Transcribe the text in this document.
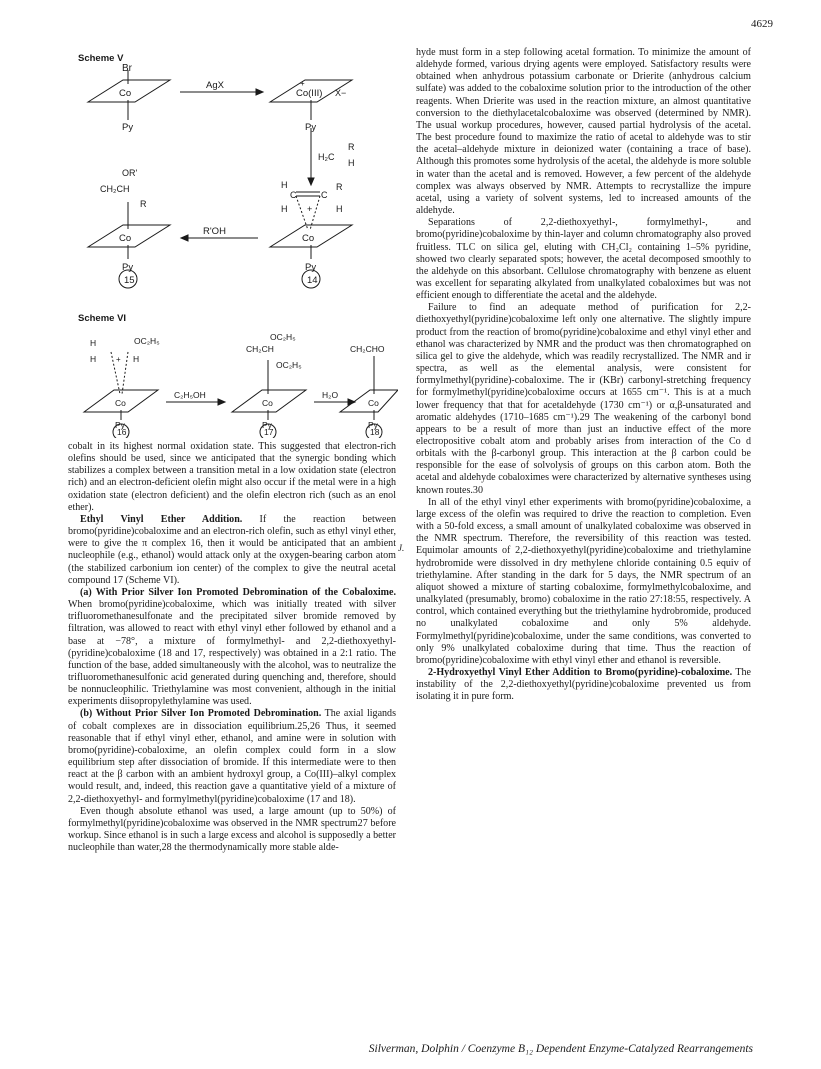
4629
Scheme V
Br
Co
Py
AgX
Co(III)
+
X−
Py
H₂C
R
H
OR'
CH₂CH
R
Co
Py
15
R'OH
H
C	C
R
H	H
+
Co
Py
14
Scheme VI
H	OC₂H₅
H	H
+
Co
Py
16
C₂H₅OH
OC₂H₅
CH₂CH
OC₂H₅
Co
Py
17
H₂O
CH₂CHO
Co
Py
18

cobalt in its highest normal oxidation state. This suggested that electron-rich olefins should be used, since we anticipated that the synergic bonding which stabilizes a complex between a transition metal in a low oxidation state (electron rich) and an electron-deficient olefin might also occur if the metal were in a high oxidation state (electron deficient) and the olefin electron rich (such as an enol ether).

Ethyl Vinyl Ether Addition. If the reaction between bromo(pyridine)cobaloxime and an electron-rich olefin, such as ethyl vinyl ether, were to give the π complex 16, then it would be anticipated that an ambient nucleophile (e.g., ethanol) would attack only at the oxygen-bearing carbon atom (the stabilized carbonium ion center) of the complex to give the neutral acetal compound 17 (Scheme VI).

(a) With Prior Silver Ion Promoted Debromination of the Cobaloxime. When bromo(pyridine)cobaloxime, which was initially treated with silver trifluoromethanesulfonate and the precipitated silver bromide removed by filtration, was allowed to react with ethyl vinyl ether followed by ethanol and a base at −78°, a mixture of formylmethyl- and 2,2-diethoxyethyl-(pyridine)cobaloxime (18 and 17, respectively) was obtained in a 2:1 ratio. The function of the base, added simultaneously with the alcohol, was to neutralize the trifluoromethanesulfonic acid generated during quenching and, therefore, should be nonnucleophilic. Triethylamine was most convenient, although in the initial experiments diisopropylethylamine was used.

(b) Without Prior Silver Ion Promoted Debromination. The axial ligands of cobalt complexes are in dissociation equilibrium.25,26 Thus, it seemed reasonable that if ethyl vinyl ether, ethanol, and amine were in solution with bromo(pyridine)-cobaloxime, an olefin complex could form in a slow equilibrium step after dissociation of bromide. If this intermediate were to then react at the β carbon with an ambient hydroxyl group, a Co(III)–alkyl complex would result, and, indeed, this reaction gave a quantitative yield of a mixture of 2,2-diethoxyethyl- and formylmethyl(pyridine)cobaloxime (17 and 18).

Even though absolute ethanol was used, a large amount (up to 50%) of formylmethyl(pyridine)cobaloxime was observed in the NMR spectrum27 before workup. Since ethanol is in such a large excess and alcohol is supposedly a better nucleophile than water,28 the thermodynamically more stable alde-

hyde must form in a step following acetal formation. To minimize the amount of aldehyde formed, various drying agents were employed. Satisfactory results were obtained when anhydrous potassium carbonate or Drierite (anhydrous calcium sulfate) was added to the cobaloxime solution prior to the introduction of the other reagents. When Drierite was used in the reaction mixture, an almost quantitative conversion to the diethylacetalcobaloxime was observed (determined by NMR). The usual workup procedures, however, caused partial hydrolysis of the acetal. The best procedure found to maximize the ratio of acetal to aldehyde was to stir the acetal–aldehyde mixture in deionized water (containing a trace of base). Although this promotes some hydrolysis of the acetal, the aldehyde is more soluble in water than the acetal and is removed. However, a few percent of the aldehyde complex was always observed by NMR. Attempts to recrystallize the impure acetal, using a variety of solvent systems, led to increased amounts of the aldehyde.

Separations of 2,2-diethoxyethyl-, formylmethyl-, and bromo(pyridine)cobaloxime by thin-layer and column chromatography also proved fruitless. TLC on silica gel, eluting with CH₂Cl₂ containing 1–5% pyridine, showed two clearly separated spots; however, the acetal decomposed smoothly to the aldehyde on this absorbant. Cellulose chromatography with benzene as eluent was excellent for separating alkylated from unalkylated cobaloximes but was not efficient enough to differentiate the acetal and the aldehyde.

Failure to find an adequate method of purification for 2,2-diethoxyethyl(pyridine)cobaloxime left only one alternative. The slightly impure product from the reaction of bromo(pyridine)cobaloxime and ethyl vinyl ether and ethanol was characterized by NMR and the product was then chromatographed on silica gel to give the aldehyde, which was readily recrystallized. The NMR and ir spectra, as well as the elemental analysis, were consistent for formylmethyl(pyridine)-cobaloxime. The ir (KBr) carbonyl-stretching frequency for formylmethyl(pyridine)cobaloxime occurs at 1655 cm⁻¹. This is at a much lower frequency that that for acetaldehyde (1730 cm⁻¹) or α,β-unsaturated and aromatic aldehydes (1710–1685 cm⁻¹).29 The weakening of the carbonyl bond appears to be a result of more than just an inductive effect of the more electropositive cobalt atom and probably arises from interaction of the Co d orbitals with the β-carbonyl group. This interaction at the β carbon could be responsible for the ease of solvolysis of groups on this carbon atom. Both the acetal and aldehyde cobaloximes were characterized by alternative syntheses using known routes.30

In all of the ethyl vinyl ether experiments with bromo(pyridine)cobaloxime, a large excess of the olefin was required to drive the reaction to completion. Even with a 50-fold excess, a small amount of unalkylated cobaloxime was observed in the NMR spectrum. Therefore, the reversibility of this reaction was tested. Equimolar amounts of 2,2-diethoxyethyl(pyridine)cobaloxime and triethylamine hydrobromide were dissolved in dry methylene chloride containing 0.5 equiv of triethylamine. After standing in the dark for 5 days, the NMR spectrum of an aliquot showed a mixture of starting cobaloxime, formylmethylcobaloxime, and unalkylated (presumably, bromo) cobaloxime in the ratio 27:18:55, respectively. A control, which contained everything but the triethylamine hydrobromide, produced no unalkylated cobaloxime and only 5% aldehyde. Formylmethyl(pyridine)cobaloxime, under the same conditions, was converted to only 9% unalkylated cobaloxime during that time. Thus the reaction of bromo(pyridine)cobaloxime with ethyl vinyl ether and ethanol is reversible.

2-Hydroxyethyl Vinyl Ether Addition to Bromo(pyridine)-cobaloxime. The instability of the 2,2-diethoxyethyl(pyridine)cobaloxime prevented us from isolating it in pure form.

J.
Silverman, Dolphin / Coenzyme B₁₂ Dependent Enzyme-Catalyzed Rearrangements
